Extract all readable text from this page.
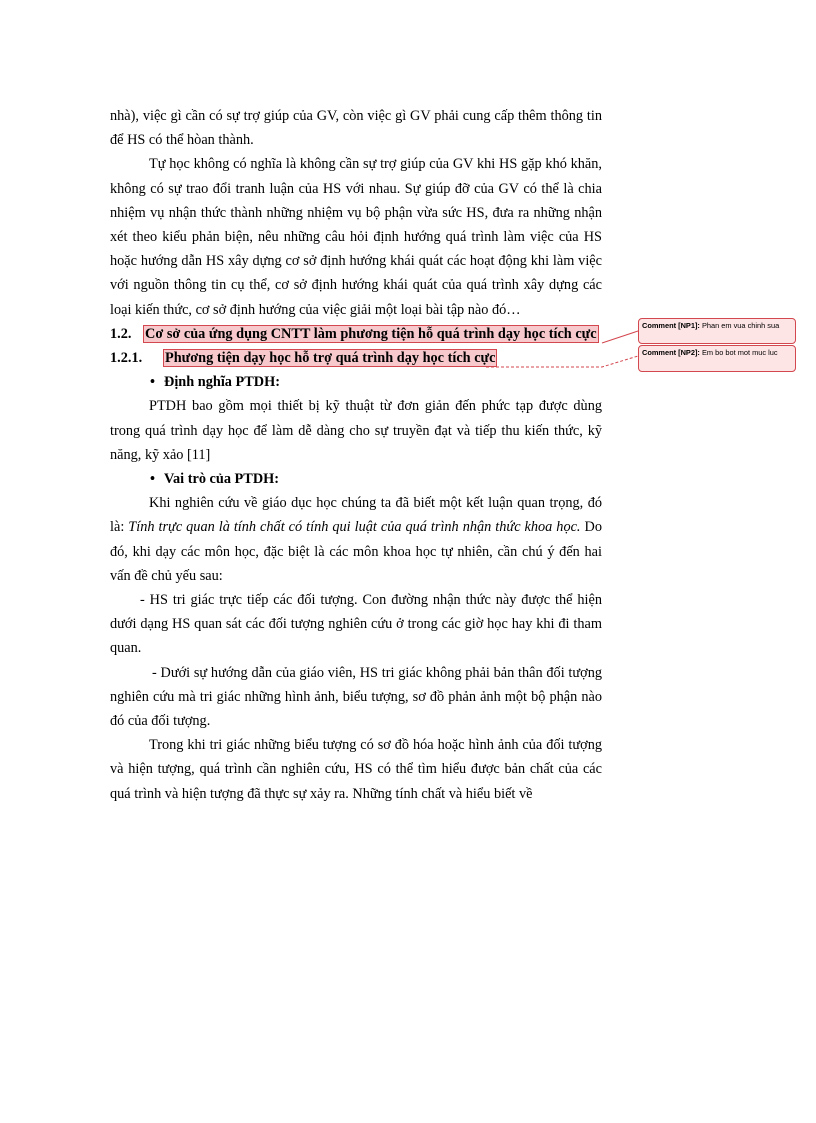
nhà), việc gì cần có sự trợ giúp của GV, còn việc gì GV phải cung cấp thêm thông tin để HS có thể hòan thành.

Tự học không có nghĩa là không cần sự trợ giúp của GV khi HS gặp khó khăn, không có sự trao đổi tranh luận của HS với nhau. Sự giúp đỡ của GV có thể là chia nhiệm vụ nhận thức thành những nhiệm vụ bộ phận vừa sức HS, đưa ra những nhận xét theo kiểu phản biện, nêu những câu hỏi định hướng quá trình làm việc của HS hoặc hướng dẫn HS xây dựng cơ sở định hướng khái quát các hoạt động khi làm việc với nguồn thông tin cụ thể, cơ sở định hướng khái quát của quá trình xây dựng các loại kiến thức, cơ sở định hướng của việc giải một loại bài tập nào đó…

1.2. Cơ sở của ứng dụng CNTT làm phương tiện hỗ quá trình dạy học tích cực

1.2.1. Phương tiện dạy học hỗ trợ quá trình dạy học tích cực

• Định nghĩa PTDH:

PTDH bao gồm mọi thiết bị kỹ thuật từ đơn giản đến phức tạp được dùng trong quá trình dạy học để làm dễ dàng cho sự truyền đạt và tiếp thu kiến thức, kỹ năng, kỹ xảo [11]

• Vai trò của PTDH:

Khi nghiên cứu về giáo dục học chúng ta đã biết một kết luận quan trọng, đó là: Tính trực quan là tính chất có tính qui luật của quá trình nhận thức khoa học. Do đó, khi dạy các môn học, đặc biệt là các môn khoa học tự nhiên, cần chú ý đến hai vấn đề chủ yếu sau:

- HS tri giác trực tiếp các đối tượng. Con đường nhận thức này được thể hiện dưới dạng HS quan sát các đối tượng nghiên cứu ở trong các giờ học hay khi đi tham quan.

- Dưới sự hướng dẫn của giáo viên, HS tri giác không phải bản thân đối tượng nghiên cứu mà tri giác những hình ảnh, biểu tượng, sơ đồ phản ảnh một bộ phận nào đó của đối tượng.

Trong khi tri giác những biểu tượng có sơ đồ hóa hoặc hình ảnh của đối tượng và hiện tượng, quá trình cần nghiên cứu, HS có thể tìm hiểu được bản chất của các quá trình và hiện tượng đã thực sự xảy ra. Những tính chất và hiểu biết về

Comment [NP1]: Phan em vua chinh sua
Comment [NP2]: Em bo bot mot muc luc
